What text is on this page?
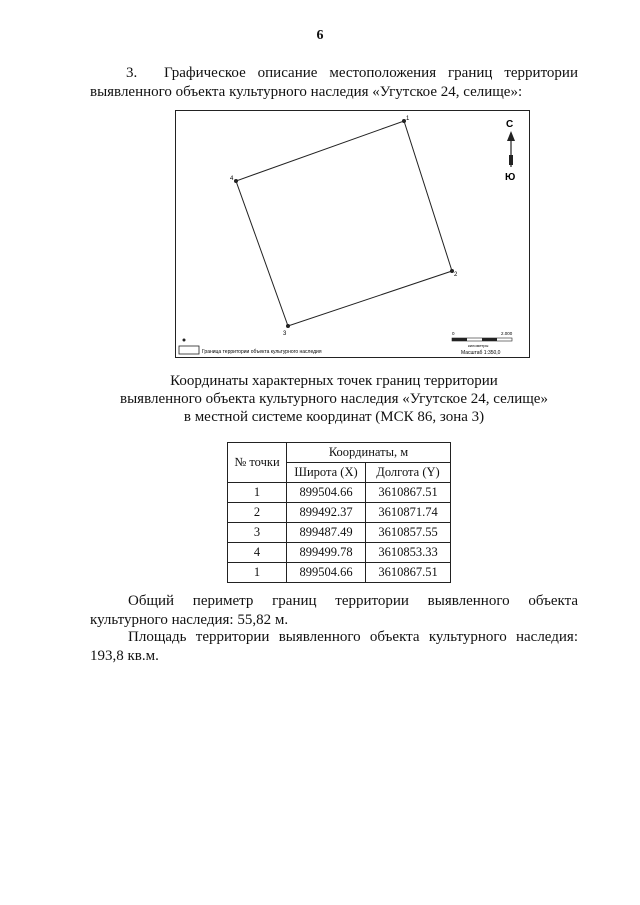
6
3. Графическое описание местоположения границ территории
выявленного объекта культурного наследия «Угутское 24, селище»:
1
2
3
4
С
Ю
Граница территории объекта культурного наследия
0	2.000
километры
Масштаб 1:350,0
Координаты характерных точек границ территории
выявленного объекта культурного наследия «Угутское 24, селище»
в местной системе координат (МСК 86, зона 3)
№ точки	Координаты, м	
	Широта (X)	Долгота (Y)
1	899504.66	3610867.51
2	899492.37	3610871.74
3	899487.49	3610857.55
4	899499.78	3610853.33
1	899504.66	3610867.51
Общий периметр границ территории выявленного объекта
культурного наследия: 55,82 м.
Площадь территории выявленного объекта культурного наследия:
193,8 кв.м.
